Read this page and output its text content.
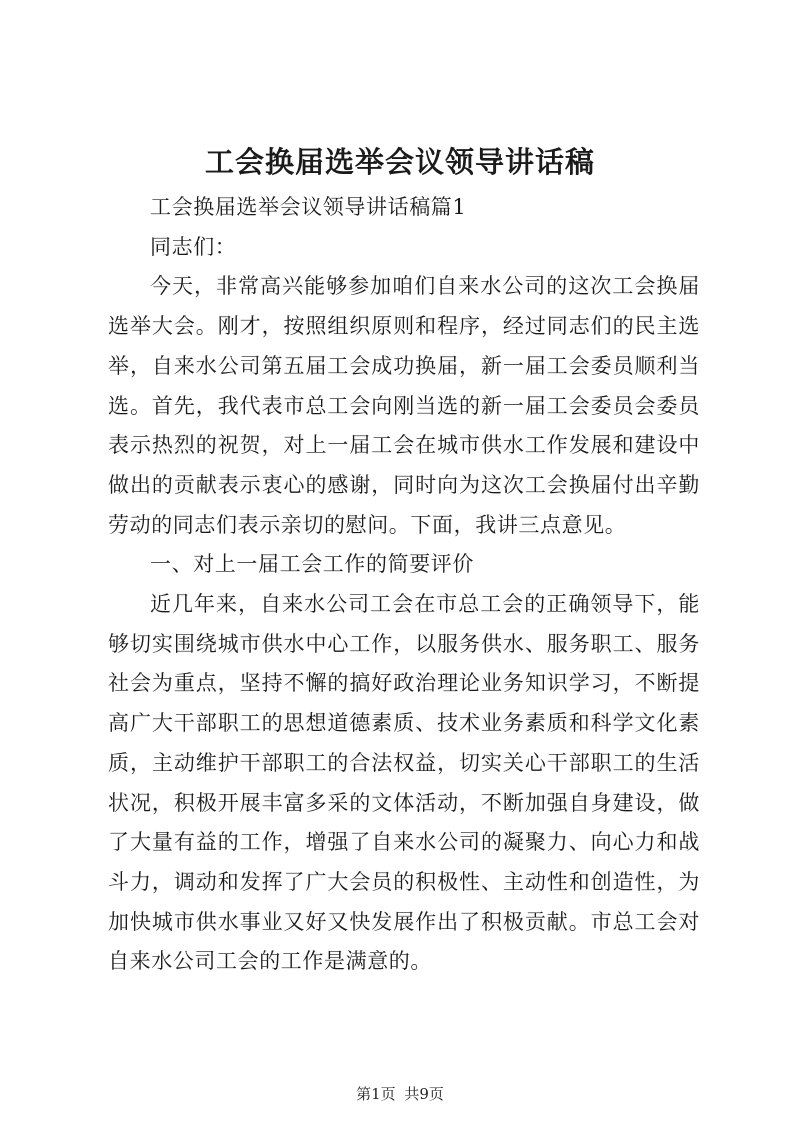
工会换届选举会议领导讲话稿

工会换届选举会议领导讲话稿篇1

同志们：

今天，非常高兴能够参加咱们自来水公司的这次工会换届选举大会。刚才，按照组织原则和程序，经过同志们的民主选举，自来水公司第五届工会成功换届，新一届工会委员顺利当选。首先，我代表市总工会向刚当选的新一届工会委员会委员表示热烈的祝贺，对上一届工会在城市供水工作发展和建设中做出的贡献表示衷心的感谢，同时向为这次工会换届付出辛勤劳动的同志们表示亲切的慰问。下面，我讲三点意见。

一、对上一届工会工作的简要评价

近几年来，自来水公司工会在市总工会的正确领导下，能够切实围绕城市供水中心工作，以服务供水、服务职工、服务社会为重点，坚持不懈的搞好政治理论业务知识学习，不断提高广大干部职工的思想道德素质、技术业务素质和科学文化素质，主动维护干部职工的合法权益，切实关心干部职工的生活状况，积极开展丰富多采的文体活动，不断加强自身建设，做了大量有益的工作，增强了自来水公司的凝聚力、向心力和战斗力，调动和发挥了广大会员的积极性、主动性和创造性，为加快城市供水事业又好又快发展作出了积极贡献。市总工会对自来水公司工会的工作是满意的。

第1页 共9页
